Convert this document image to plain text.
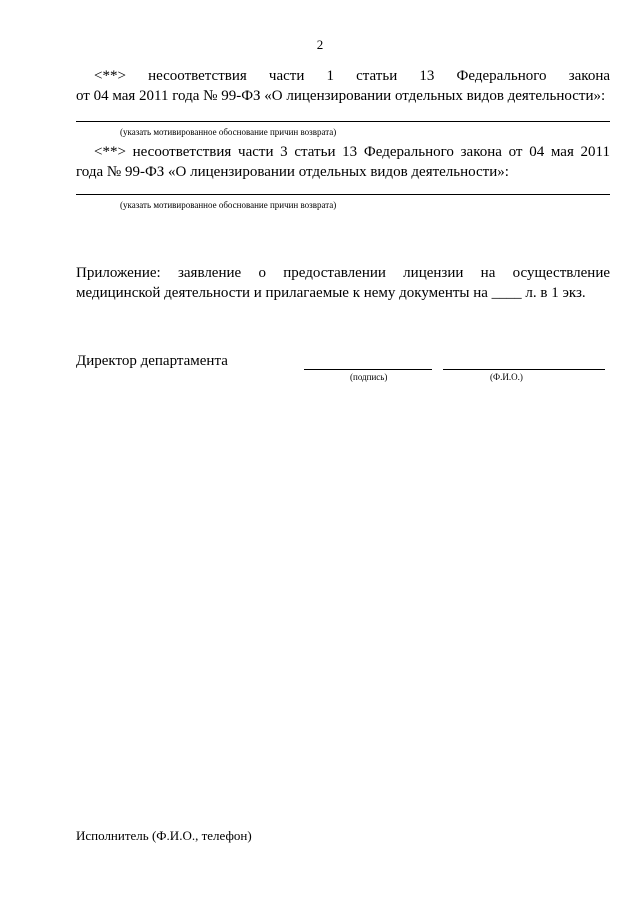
2
<**> несоответствия части 1 статьи 13 Федерального закона
от 04 мая 2011 года № 99-ФЗ «О лицензировании отдельных видов деятельности»:
(указать мотивированное обоснование причин возврата)
<**> несоответствия части 3 статьи 13 Федерального закона от 04 мая 2011
года № 99-ФЗ «О лицензировании отдельных видов деятельности»:
(указать мотивированное обоснование причин возврата)
Приложение: заявление о предоставлении лицензии на осуществление
медицинской деятельности и прилагаемые к нему документы на ____ л. в 1 экз.
Директор департамента
(подпись)	(Ф.И.О.)
Исполнитель (Ф.И.О., телефон)
